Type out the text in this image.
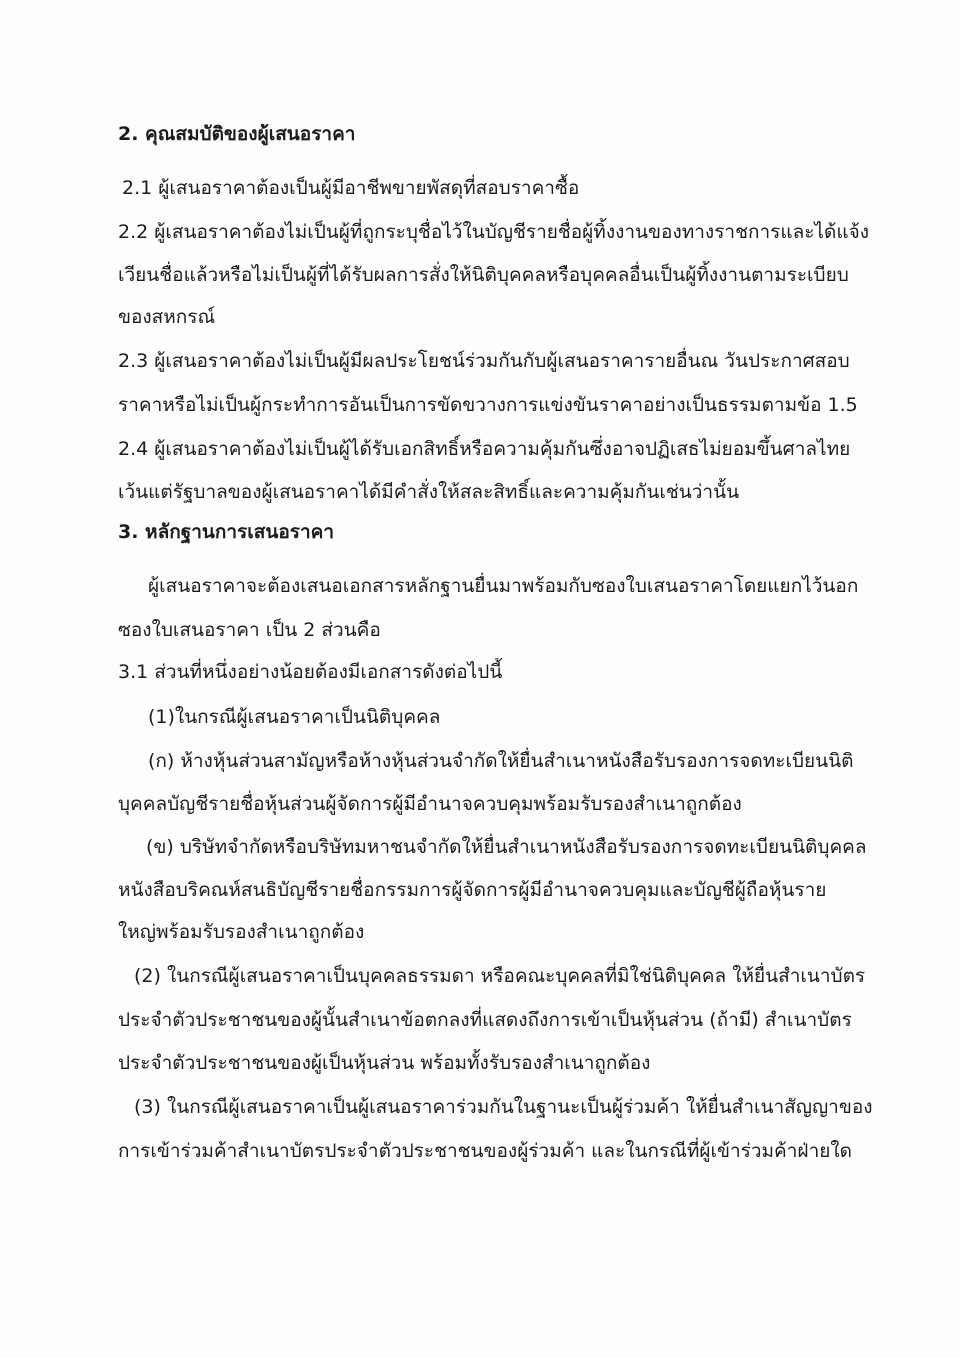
2. คุณสมบัติของผู้เสนอราคา
2.1 ผู้เสนอราคาต้องเป็นผู้มีอาชีพขายพัสดุที่สอบราคาซื้อ
2.2 ผู้เสนอราคาต้องไม่เป็นผู้ที่ถูกระบุชื่อไว้ในบัญชีรายชื่อผู้ทิ้งงานของทางราชการและได้แจ้ง
เวียนชื่อแล้วหรือไม่เป็นผู้ที่ได้รับผลการสั่งให้นิติบุคคลหรือบุคคลอื่นเป็นผู้ทิ้งงานตามระเบียบ
ของสหกรณ์
2.3 ผู้เสนอราคาต้องไม่เป็นผู้มีผลประโยชน์ร่วมกันกับผู้เสนอราคารายอื่นณ วันประกาศสอบ
ราคาหรือไม่เป็นผู้กระทำการอันเป็นการขัดขวางการแข่งขันราคาอย่างเป็นธรรมตามข้อ 1.5
2.4 ผู้เสนอราคาต้องไม่เป็นผู้ได้รับเอกสิทธิ์หรือความคุ้มกันซึ่งอาจปฏิเสธไม่ยอมขึ้นศาลไทย
เว้นแต่รัฐบาลของผู้เสนอราคาได้มีคำสั่งให้สละสิทธิ์และความคุ้มกันเช่นว่านั้น
3. หลักฐานการเสนอราคา
ผู้เสนอราคาจะต้องเสนอเอกสารหลักฐานยื่นมาพร้อมกับซองใบเสนอราคาโดยแยกไว้นอก
ซองใบเสนอราคา เป็น 2 ส่วนคือ
3.1 ส่วนที่หนึ่งอย่างน้อยต้องมีเอกสารดังต่อไปนี้
(1)ในกรณีผู้เสนอราคาเป็นนิติบุคคล
(ก) ห้างหุ้นส่วนสามัญหรือห้างหุ้นส่วนจำกัดให้ยื่นสำเนาหนังสือรับรองการจดทะเบียนนิติ
บุคคลบัญชีรายชื่อหุ้นส่วนผู้จัดการผู้มีอำนาจควบคุมพร้อมรับรองสำเนาถูกต้อง
(ข) บริษัทจำกัดหรือบริษัทมหาชนจำกัดให้ยื่นสำเนาหนังสือรับรองการจดทะเบียนนิติบุคคล
หนังสือบริคณห์สนธิบัญชีรายชื่อกรรมการผู้จัดการผู้มีอำนาจควบคุมและบัญชีผู้ถือหุ้นราย
ใหญ่พร้อมรับรองสำเนาถูกต้อง
(2) ในกรณีผู้เสนอราคาเป็นบุคคลธรรมดา หรือคณะบุคคลที่มิใช่นิติบุคคล ให้ยื่นสำเนาบัตร
ประจำตัวประชาชนของผู้นั้นสำเนาข้อตกลงที่แสดงถึงการเข้าเป็นหุ้นส่วน (ถ้ามี) สำเนาบัตร
ประจำตัวประชาชนของผู้เป็นหุ้นส่วน พร้อมทั้งรับรองสำเนาถูกต้อง
(3) ในกรณีผู้เสนอราคาเป็นผู้เสนอราคาร่วมกันในฐานะเป็นผู้ร่วมค้า ให้ยื่นสำเนาสัญญาของ
การเข้าร่วมค้าสำเนาบัตรประจำตัวประชาชนของผู้ร่วมค้า และในกรณีที่ผู้เข้าร่วมค้าฝ่ายใด
